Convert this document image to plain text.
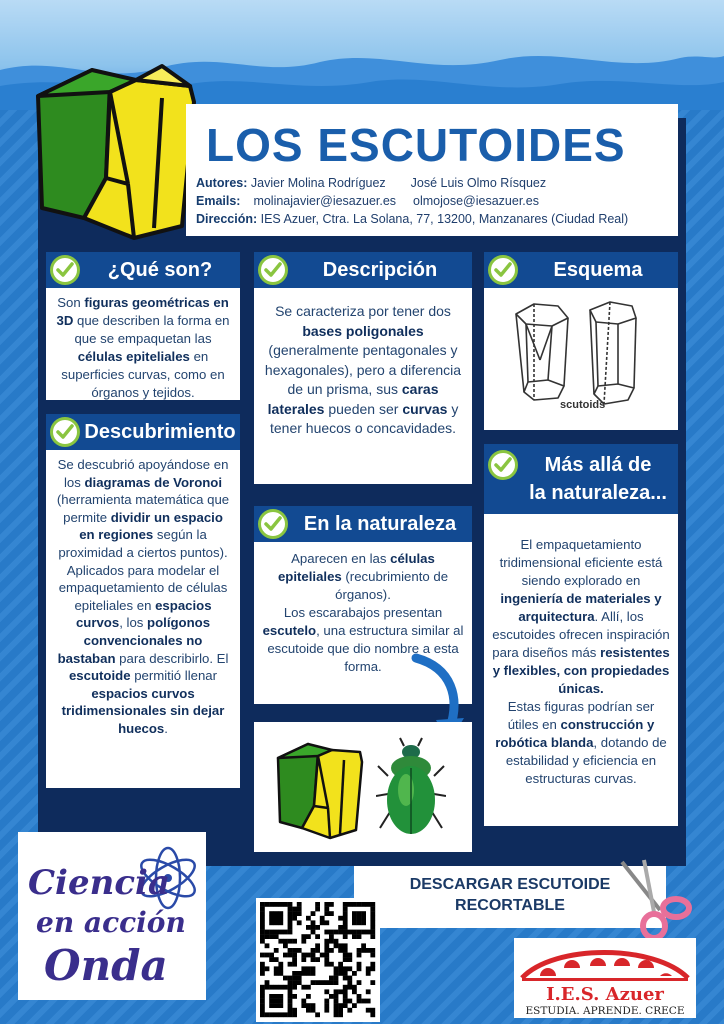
LOS ESCUTOIDES
Autores: Javier Molina Rodríguez José Luis Olmo Rísquez
Emails: molinajavier@iesazuer.es olmojose@iesazuer.es
Dirección: IES Azuer, Ctra. La Solana, 77, 13200, Manzanares (Ciudad Real)
¿Qué son?
Son figuras geométricas en 3D que describen la forma en que se empaquetan las células epiteliales en superficies curvas, como en órganos y tejidos.
Descripción
Se caracteriza por tener dos bases poligonales (generalmente pentagonales y hexagonales), pero a diferencia de un prisma, sus caras laterales pueden ser curvas y tener huecos o concavidades.
Esquema
scutoids
Descubrimiento
Se descubrió apoyándose en los diagramas de Voronoi (herramienta matemática que permite dividir un espacio en regiones según la proximidad a ciertos puntos). Aplicados para modelar el empaquetamiento de células epiteliales en espacios curvos, los polígonos convencionales no bastaban para describirlo. El escutoide permitió llenar espacios curvos tridimensionales sin dejar huecos.
En la naturaleza
Aparecen en las células epiteliales (recubrimiento de órganos).
Los escarabajos presentan escutelo, una estructura similar al escutoide que dio nombre a esta forma.
Más allá de
la naturaleza...
El empaquetamiento tridimensional eficiente está siendo explorado en ingeniería de materiales y arquitectura. Allí, los escutoides ofrecen inspiración para diseños más resistentes y flexibles, con propiedades únicas.
Estas figuras podrían ser útiles en construcción y robótica blanda, dotando de estabilidad y eficiencia en estructuras curvas.
DESCARGAR ESCUTOIDE
RECORTABLE
Ciencia
en acción
Onda
I.E.S. Azuer
ESTUDIA. APRENDE. CRECE
